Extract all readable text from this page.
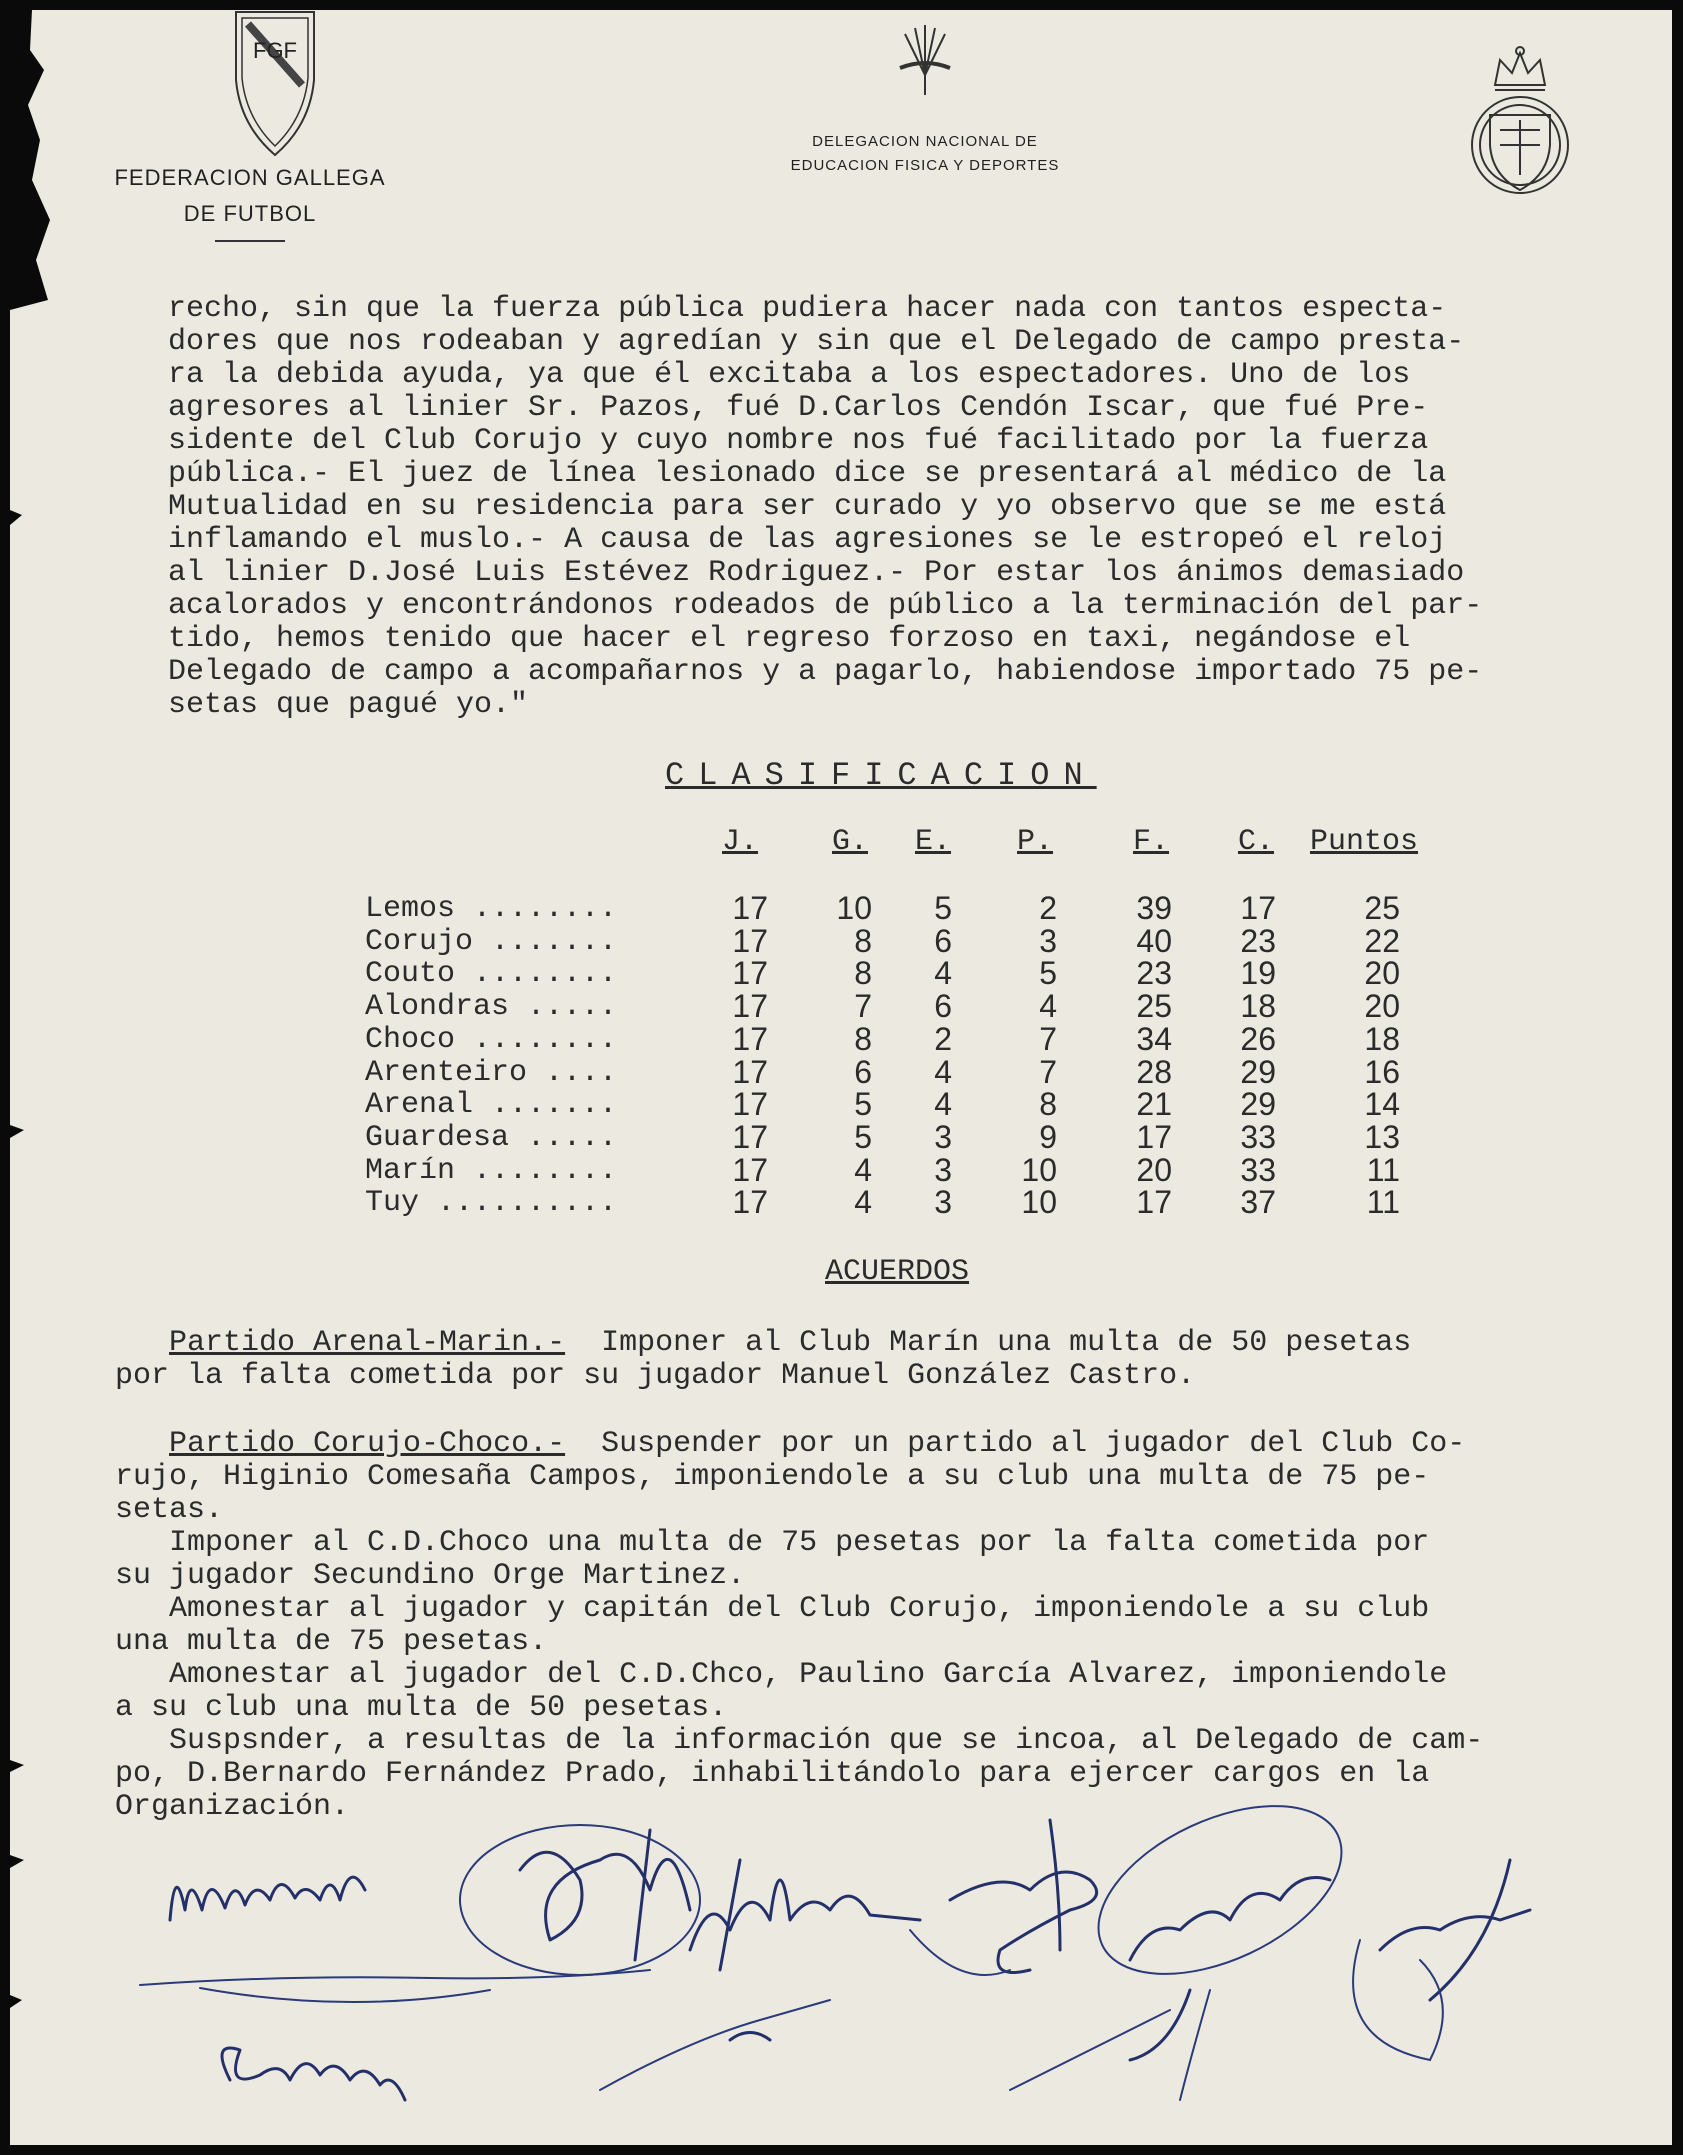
FGF
FEDERACION GALLEGA
DE FUTBOL
DELEGACION NACIONAL DE
EDUCACION FISICA Y DEPORTES

recho, sin que la fuerza pública pudiera hacer nada con tantos especta-

dores que nos rodeaban y agredían y sin que el Delegado de campo presta-

ra la debida ayuda, ya que él excitaba a los espectadores. Uno de los

agresores al linier Sr. Pazos, fué D.Carlos Cendón Iscar, que fué Pre-

sidente del Club Corujo y cuyo nombre nos fué facilitado por la fuerza

pública.- El juez de línea lesionado dice se presentará al médico de la

Mutualidad en su residencia para ser curado y yo observo que se me está

inflamando el muslo.- A causa de las agresiones se le estropeó el reloj

al linier D.José Luis Estévez Rodriguez.- Por estar los ánimos demasiado

acalorados y encontrándonos rodeados de público a la terminación del par-

tido, hemos tenido que hacer el regreso forzoso en taxi, negándose el

Delegado de campo a acompañarnos y a pagarlo, habiendose importado 75 pe-

setas que pagué yo."

CLASIFICACION
J. G. E. P.	F. C. Puntos
Lemos ........	17	10	5	2	39	17	25
Corujo .......	17	8	6	3	40	23	22
Couto ........	17	8	4	5	23	19	20
Alondras .....	17	7	6	4	25	18	20
Choco ........	17	8	2	7	34	26	18
Arenteiro ....	17	6	4	7	28	29	16
Arenal .......	17	5	4	8	21	29	14
Guardesa .....	17	5	3	9	17	33	13
Marín ........	17	4	3	10	20	33	11
Tuy ..........	17	4	3	10	17	37	11
ACUERDOS

Partido Arenal-Marin.-  Imponer al Club Marín una multa de 50 pesetas

por la falta cometida por su jugador Manuel González Castro.

Partido Corujo-Choco.-  Suspender por un partido al jugador del Club Co-

rujo, Higinio Comesaña Campos, imponiendole a su club una multa de 75 pe-

setas.

Imponer al C.D.Choco una multa de 75 pesetas por la falta cometida por

su jugador Secundino Orge Martinez.

Amonestar al jugador y capitán del Club Corujo, imponiendole a su club

una multa de 75 pesetas.

Amonestar al jugador del C.D.Chco, Paulino García Alvarez, imponiendole

a su club una multa de 50 pesetas.

Suspsnder, a resultas de la información que se incoa, al Delegado de cam-

po, D.Bernardo Fernández Prado, inhabilitándolo para ejercer cargos en la

Organización.
